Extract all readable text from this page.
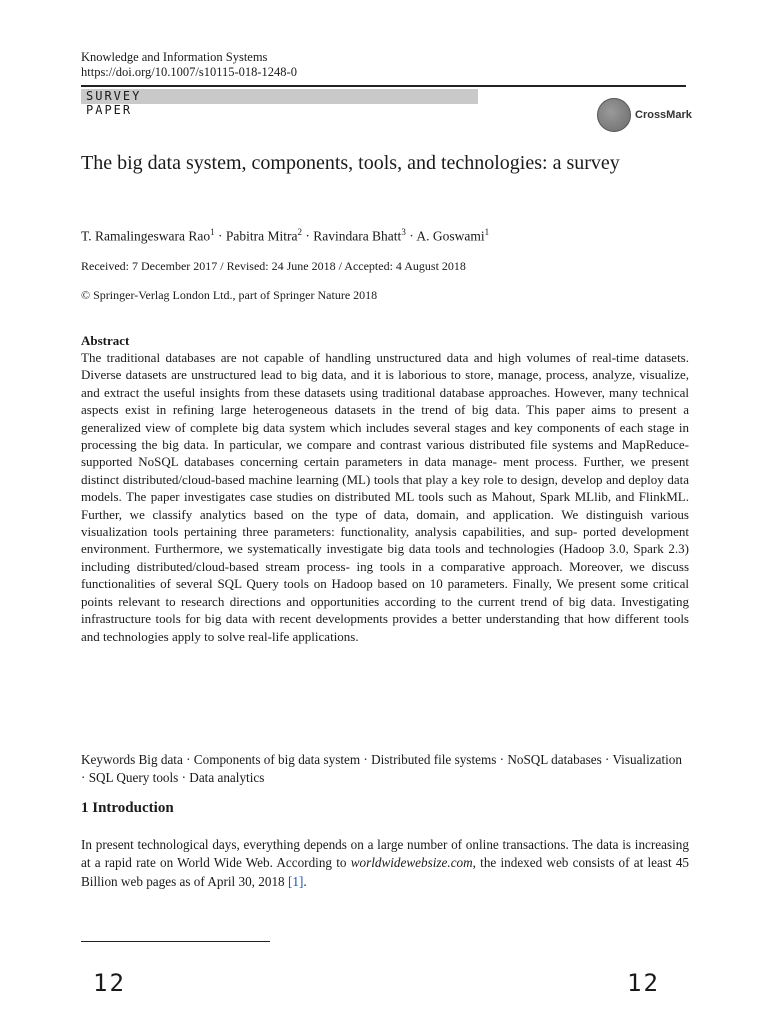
Knowledge and Information Systems
https://doi.org/10.1007/s10115-018-1248-0
SURVEY
PAPER	CrossMark
The big data system, components, tools, and technologies: a survey
T. Ramalingeswara Rao$^1$ · Pabitra Mitra$^2$ · Ravindara Bhatt$^3$ · A. Goswami$^1$
Received: 7 December 2017 / Revised: 24 June 2018 / Accepted: 4 August 2018
© Springer-Verlag London Ltd., part of Springer Nature 2018
Abstract
The traditional databases are not capable of handling unstructured data and high volumes of real-time datasets. Diverse datasets are unstructured lead to big data, and it is laborious to store, manage, process, analyze, visualize, and extract the useful insights from these datasets using traditional database approaches. However, many technical aspects exist in refining large heterogeneous datasets in the trend of big data. This paper aims to present a generalized view of complete big data system which includes several stages and key components of each stage in processing the big data. In particular, we compare and contrast various distributed file systems and MapReduce-supported NoSQL databases concerning certain parameters in data manage- ment process. Further, we present distinct distributed/cloud-based machine learning (ML) tools that play a key role to design, develop and deploy data models. The paper investigates case studies on distributed ML tools such as Mahout, Spark MLlib, and FlinkML. Further, we classify analytics based on the type of data, domain, and application. We distinguish various visualization tools pertaining three parameters: functionality, analysis capabilities, and sup- ported development environment. Furthermore, we systematically investigate big data tools and technologies (Hadoop 3.0, Spark 2.3) including distributed/cloud-based stream process- ing tools in a comparative approach. Moreover, we discuss functionalities of several SQL Query tools on Hadoop based on 10 parameters. Finally, We present some critical points relevant to research directions and opportunities according to the current trend of big data. Investigating infrastructure tools for big data with recent developments provides a better understanding that how different tools and technologies apply to solve real-life applications.
Keywords Big data · Components of big data system · Distributed file systems · NoSQL databases · Visualization · SQL Query tools · Data analytics
1 Introduction
In present technological days, everything depends on a large number of online transactions. The data is increasing at a rapid rate on World Wide Web. According to worldwidewebsize.com, the indexed web consists of at least 45 Billion web pages as of April 30, 2018 [1].
12	12
